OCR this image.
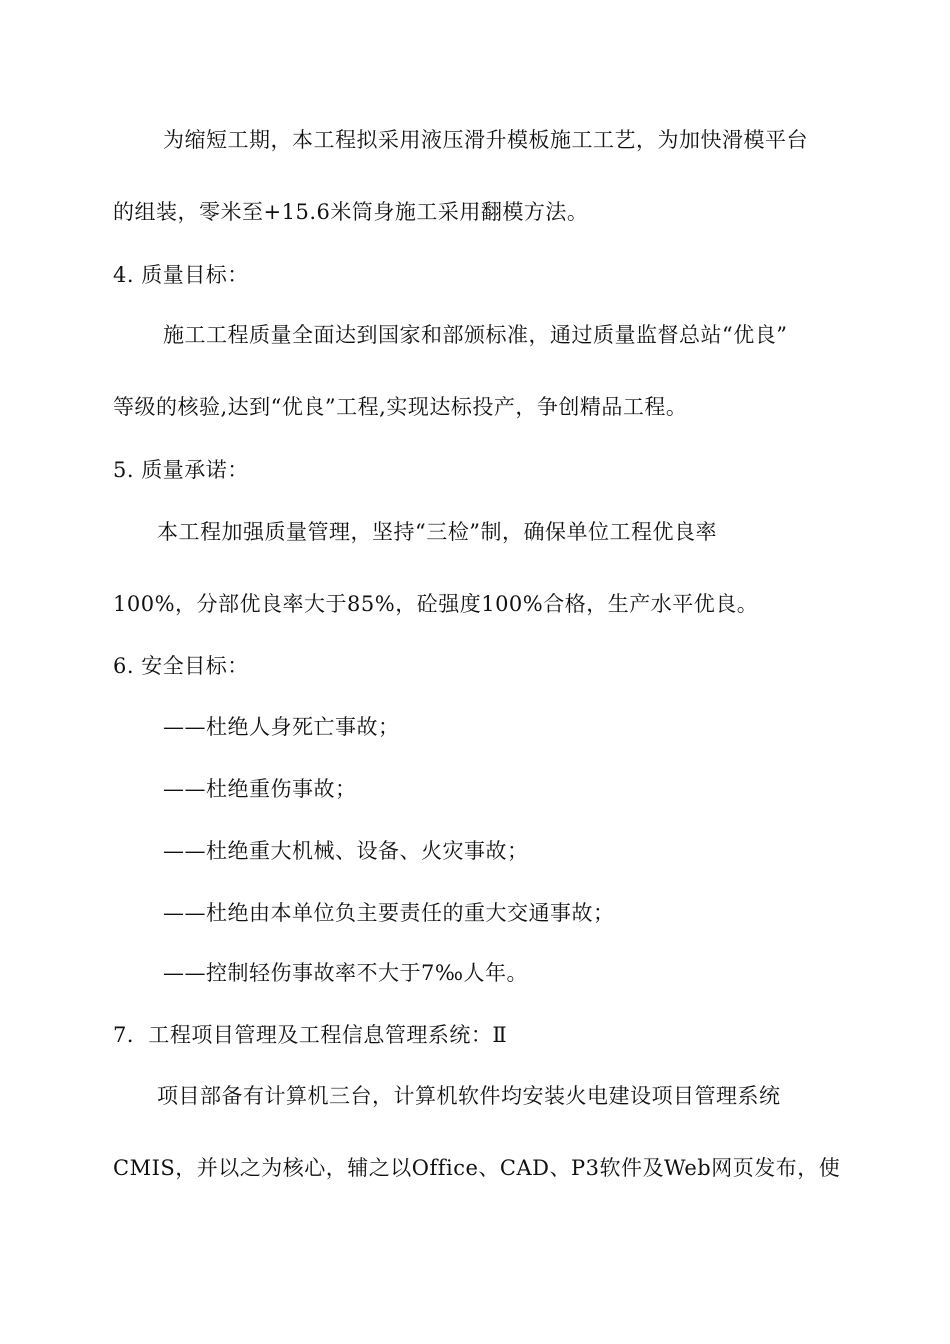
为缩短工期，本工程拟采用液压滑升模板施工工艺，为加快滑模平台
的组装，零米至+15.6米筒身施工采用翻模方法。
4. 质量目标：
施工工程质量全面达到国家和部颁标准，通过质量监督总站“优良”
等级的核验,达到“优良”工程,实现达标投产，争创精品工程。
5. 质量承诺：
本工程加强质量管理，坚持“三检”制，确保单位工程优良率
100%，分部优良率大于85%，砼强度100%合格，生产水平优良。
6. 安全目标：
——杜绝人身死亡事故；
——杜绝重伤事故；
——杜绝重大机械、设备、火灾事故；
——杜绝由本单位负主要责任的重大交通事故；
——控制轻伤事故率不大于7‰人年。
7．工程项目管理及工程信息管理系统：Ⅱ
项目部备有计算机三台，计算机软件均安装火电建设项目管理系统
CMIS，并以之为核心，辅之以Office、CAD、P3软件及Web网页发布，使
